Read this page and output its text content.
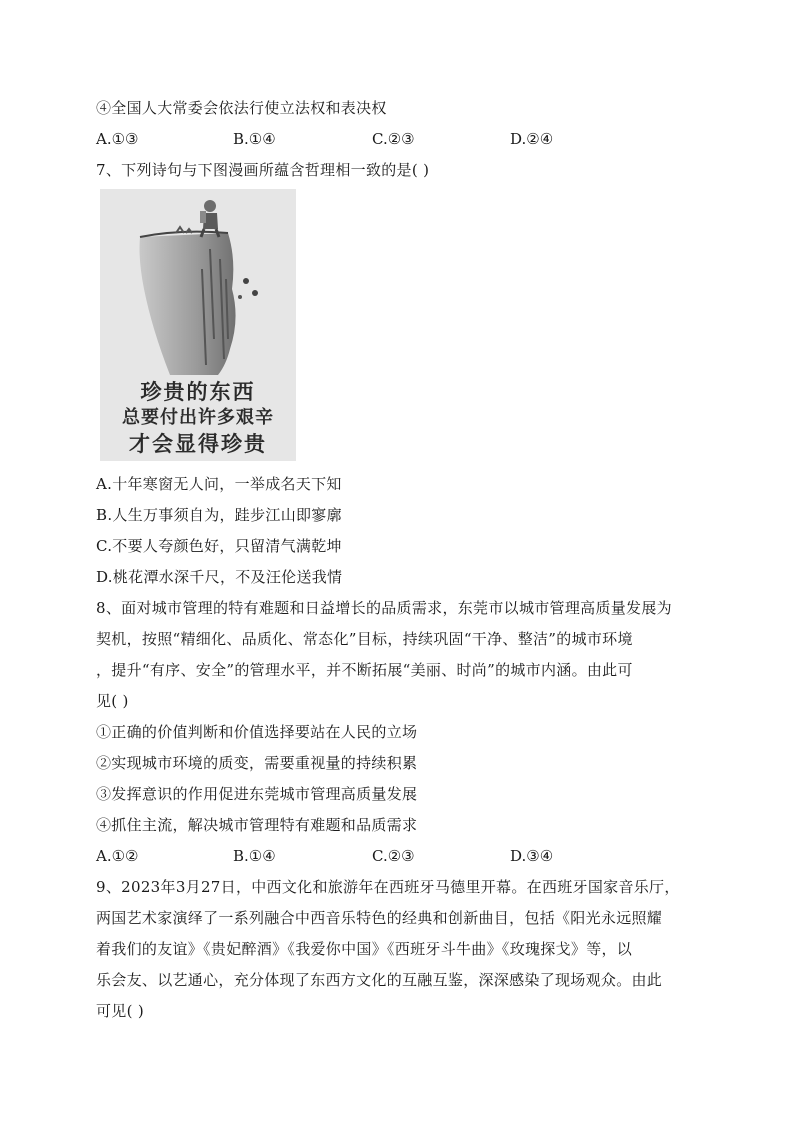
④全国人大常委会依法行使立法权和表决权
A.①③	B.①④	C.②③	D.②④
7、下列诗句与下图漫画所蕴含哲理相一致的是( )
珍贵的东西
总要付出许多艰辛
才会显得珍贵
A.十年寒窗无人问，一举成名天下知
B.人生万事须自为，跬步江山即寥廓
C.不要人夸颜色好，只留清气满乾坤
D.桃花潭水深千尺，不及汪伦送我情
8、面对城市管理的特有难题和日益增长的品质需求，东莞市以城市管理高质量发展为
契机，按照“精细化、品质化、常态化”目标，持续巩固“干净、整洁”的城市环境
，提升“有序、安全”的管理水平，并不断拓展“美丽、时尚”的城市内涵。由此可
见( )
①正确的价值判断和价值选择要站在人民的立场
②实现城市环境的质变，需要重视量的持续积累
③发挥意识的作用促进东莞城市管理高质量发展
④抓住主流，解决城市管理特有难题和品质需求
A.①②	B.①④	C.②③	D.③④
9、2023年3月27日，中西文化和旅游年在西班牙马德里开幕。在西班牙国家音乐厅，
两国艺术家演绎了一系列融合中西音乐特色的经典和创新曲目，包括《阳光永远照耀
着我们的友谊》《贵妃醉酒》《我爱你中国》《西班牙斗牛曲》《玫瑰探戈》等，以
乐会友、以艺通心，充分体现了东西方文化的互融互鉴，深深感染了现场观众。由此
可见( )
